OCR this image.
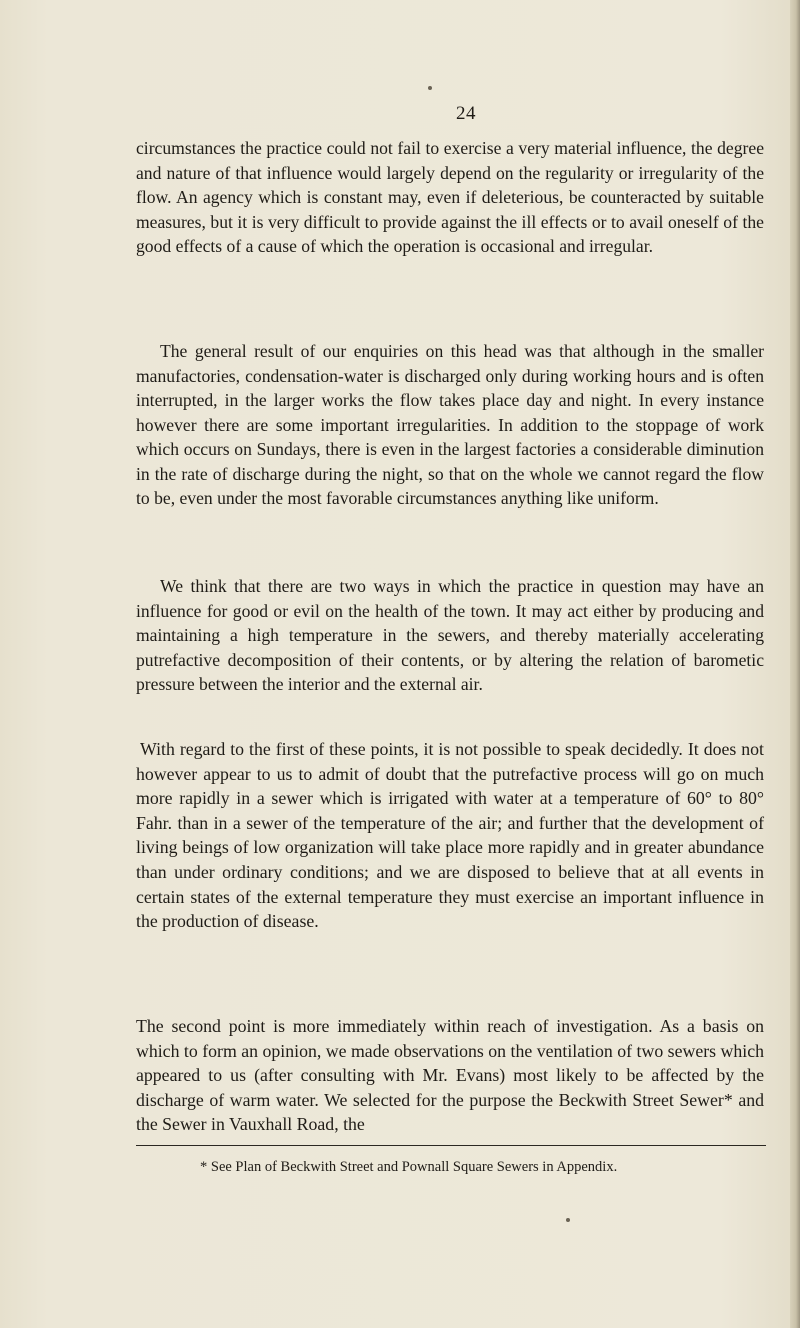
24

circumstances the practice could not fail to exercise a very material influence, the degree and nature of that influence would largely depend on the regularity or irregularity of the flow. An agency which is constant may, even if deleterious, be counteracted by suitable measures, but it is very difficult to provide against the ill effects or to avail oneself of the good effects of a cause of which the operation is occasional and irregular.

The general result of our enquiries on this head was that although in the smaller manufactories, condensation-water is discharged only during working hours and is often interrupted, in the larger works the flow takes place day and night. In every instance however there are some important irregularities. In addition to the stoppage of work which occurs on Sundays, there is even in the largest factories a considerable diminution in the rate of discharge during the night, so that on the whole we cannot regard the flow to be, even under the most favorable circumstances anything like uniform.

We think that there are two ways in which the practice in question may have an influence for good or evil on the health of the town. It may act either by producing and maintaining a high temperature in the sewers, and thereby materially accelerating putrefactive decomposition of their contents, or by altering the relation of barometic pressure between the interior and the external air.

With regard to the first of these points, it is not possible to speak decidedly. It does not however appear to us to admit of doubt that the putrefactive process will go on much more rapidly in a sewer which is irrigated with water at a temperature of 60° to 80° Fahr. than in a sewer of the temperature of the air; and further that the development of living beings of low organization will take place more rapidly and in greater abundance than under ordinary conditions; and we are disposed to believe that at all events in certain states of the external temperature they must exercise an important influence in the production of disease.

The second point is more immediately within reach of investigation. As a basis on which to form an opinion, we made observations on the ventilation of two sewers which appeared to us (after consulting with Mr. Evans) most likely to be affected by the discharge of warm water. We selected for the purpose the Beckwith Street Sewer* and the Sewer in Vauxhall Road, the

* See Plan of Beckwith Street and Pownall Square Sewers in Appendix.
